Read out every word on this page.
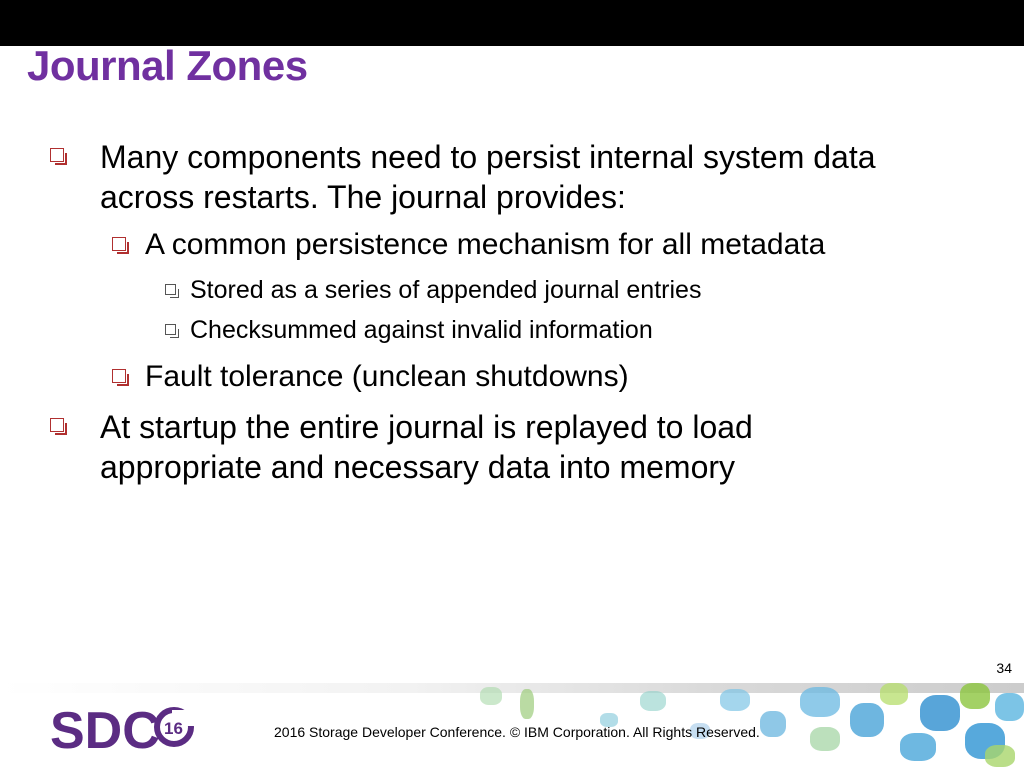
Journal Zones
Many components need to persist internal system data
across restarts. The journal provides:
A common persistence mechanism for all metadata
Stored as a series of appended journal entries
Checksummed against invalid information
Fault tolerance (unclean shutdowns)
At startup the entire journal is replayed to load
appropriate and necessary data into memory
34
SDC 16	2016 Storage Developer Conference. © IBM Corporation. All Rights Reserved.
